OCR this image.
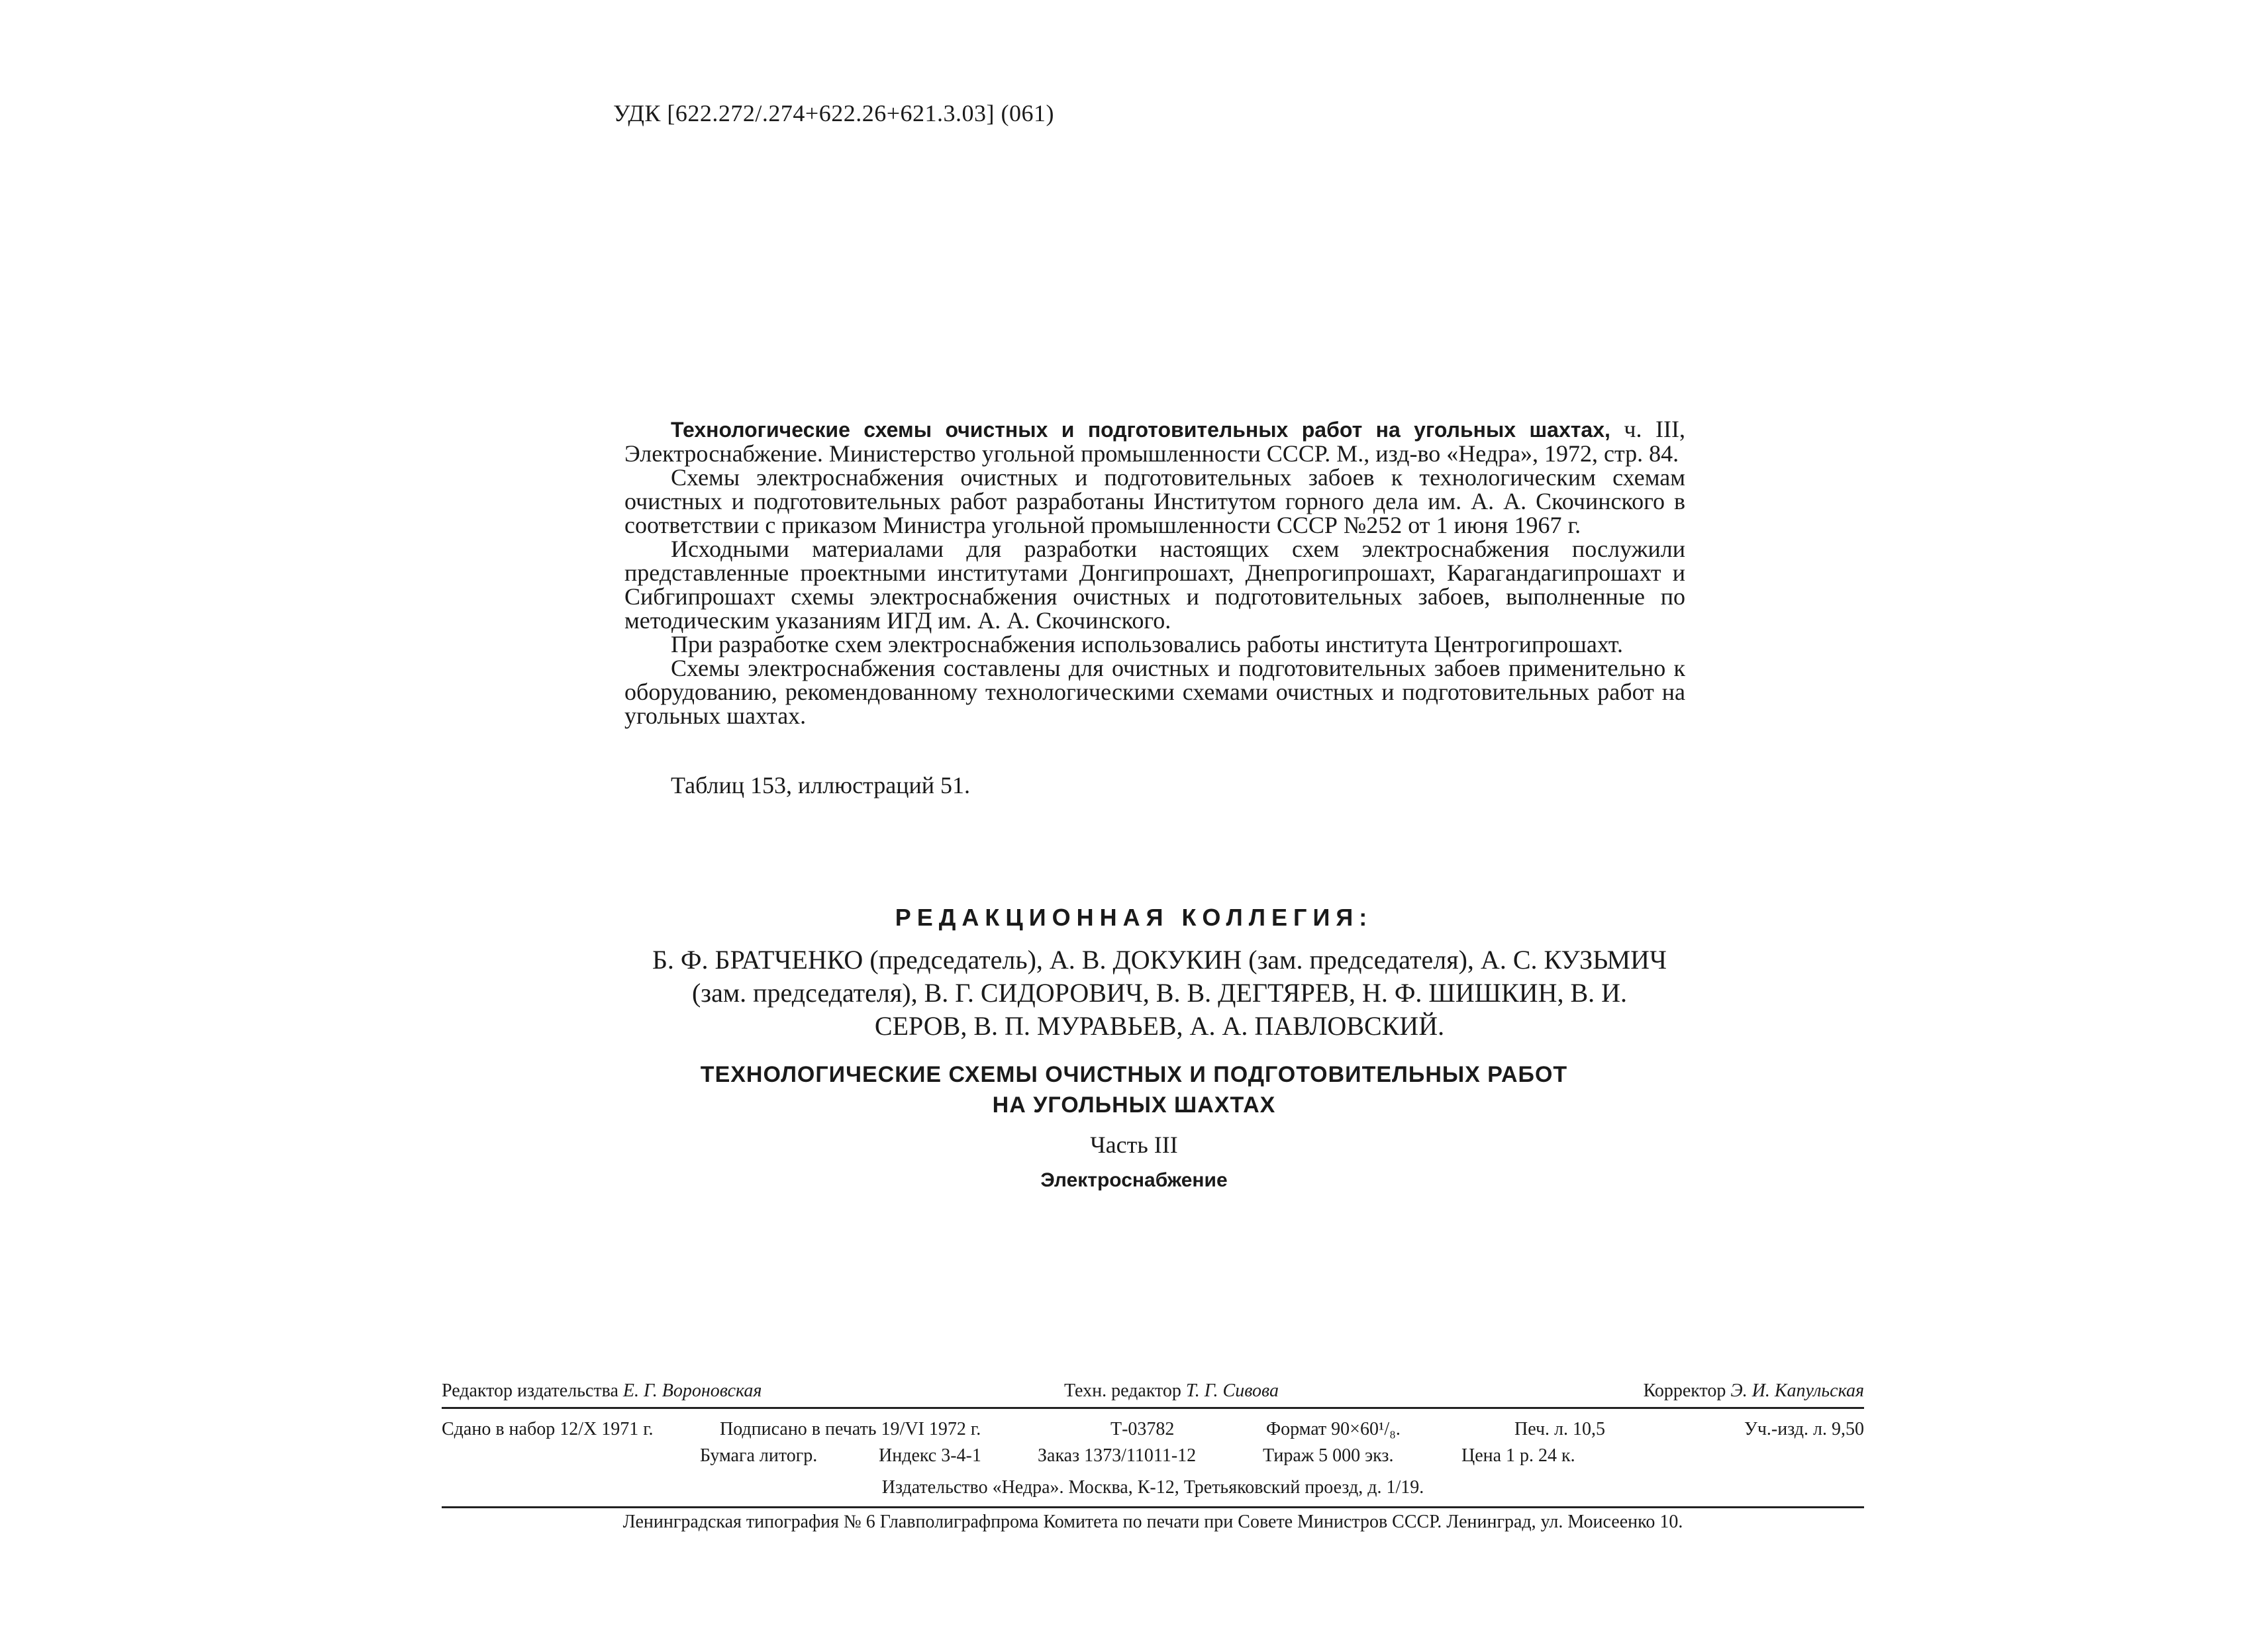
УДК [622.272/.274+622.26+621.3.03] (061)

Технологические схемы очистных и подготовительных работ на угольных шахтах, ч. III, Электроснабжение. Министерство угольной промышленности СССР. М., изд-во «Недра», 1972, стр. 84.

Схемы электроснабжения очистных и подготовительных забоев к технологическим схемам очистных и подготовительных работ разработаны Институтом горного дела им. А. А. Скочинского в соответствии с приказом Министра угольной промышленности СССР №252 от 1 июня 1967 г.

Исходными материалами для разработки настоящих схем электроснабжения послужили представленные проектными институтами Донгипрошахт, Днепрогипрошахт, Карагандагипрошахт и Сибгипрошахт схемы электроснабжения очистных и подготовительных забоев, выполненные по методическим указаниям ИГД им. А. А. Скочинского.

При разработке схем электроснабжения использовались работы института Центрогипрошахт.

Схемы электроснабжения составлены для очистных и подготовительных забоев применительно к оборудованию, рекомендованному технологическими схемами очистных и подготовительных работ на угольных шахтах.

Таблиц 153, иллюстраций 51.
РЕДАКЦИОННАЯ КОЛЛЕГИЯ:
Б. Ф. БРАТЧЕНКО (председатель), А. В. ДОКУКИН (зам. председателя), А. С. КУЗЬМИЧ (зам. председателя), В. Г. СИДОРОВИЧ, В. В. ДЕГТЯРЕВ, Н. Ф. ШИШКИН, В. И. СЕРОВ, В. П. МУРАВЬЕВ, А. А. ПАВЛОВСКИЙ.
ТЕХНОЛОГИЧЕСКИЕ СХЕМЫ ОЧИСТНЫХ И ПОДГОТОВИТЕЛЬНЫХ РАБОТ
НА УГОЛЬНЫХ ШАХТАХ
Часть III
Электроснабжение
Редактор издательства Е. Г. Вороновская	Техн. редактор Т. Г. Сивова	Корректор Э. И. Капульская
Сдано в набор 12/X 1971 г.	Подписано в печать 19/VI 1972 г.	Т-03782	Формат 90×60¹/₈.	Печ. л. 10,5	Уч.-изд. л. 9,50
Бумага литогр.	Индекс 3-4-1	Заказ 1373/11011-12	Тираж 5 000 экз.	Цена 1 р. 24 к.
Издательство «Недра». Москва, К-12, Третьяковский проезд, д. 1/19.
Ленинградская типография № 6 Главполиграфпрома Комитета по печати при Совете Министров СССР. Ленинград, ул. Моисеенко 10.
